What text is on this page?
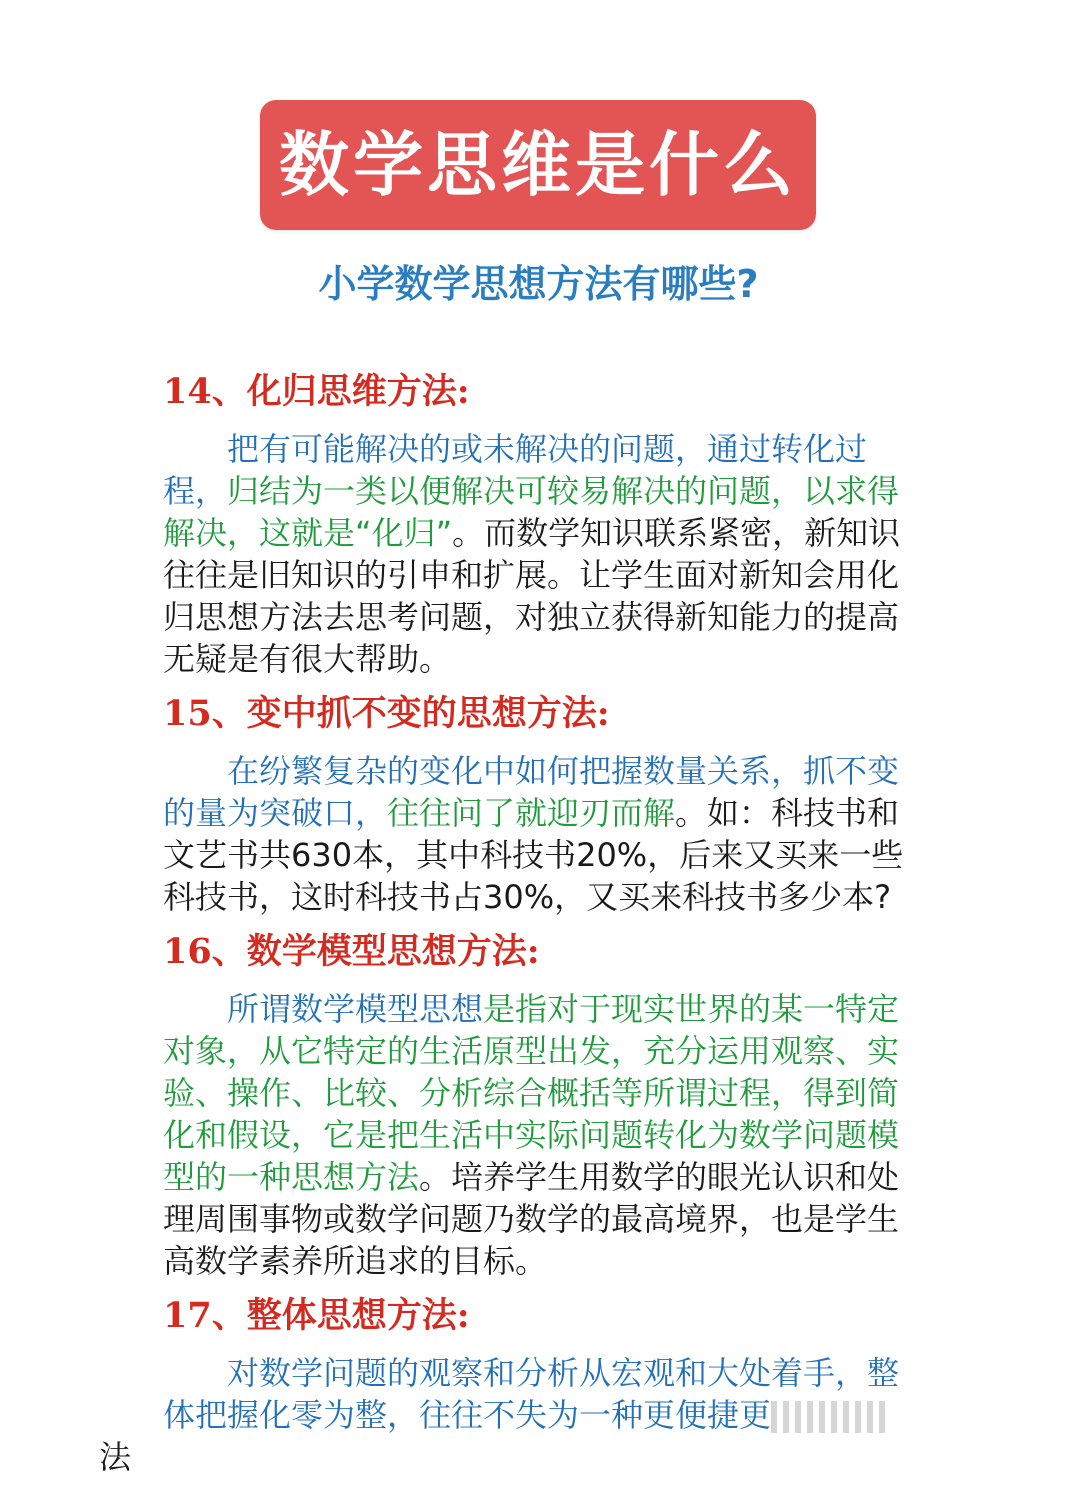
数学思维是什么
小学数学思想方法有哪些?
14、化归思维方法:

把有可能解决的或未解决的问题，通过转化过程，归结为一类以便解决可较易解决的问题，以求得解决，这就是“化归”。而数学知识联系紧密，新知识往往是旧知识的引申和扩展。让学生面对新知会用化归思想方法去思考问题，对独立获得新知能力的提高无疑是有很大帮助。

15、变中抓不变的思想方法:

在纷繁复杂的变化中如何把握数量关系，抓不变的量为突破口，往往问了就迎刃而解。如：科技书和文艺书共630本，其中科技书20%，后来又买来一些科技书，这时科技书占30%，又买来科技书多少本?

16、数学模型思想方法:

所谓数学模型思想是指对于现实世界的某一特定对象，从它特定的生活原型出发，充分运用观察、实验、操作、比较、分析综合概括等所谓过程，得到简化和假设，它是把生活中实际问题转化为数学问题模型的一种思想方法。培养学生用数学的眼光认识和处理周围事物或数学问题乃数学的最高境界，也是学生高数学素养所追求的目标。

17、整体思想方法:

对数学问题的观察和分析从宏观和大处着手，整体把握化零为整，往往不失为一种更便捷更
法
